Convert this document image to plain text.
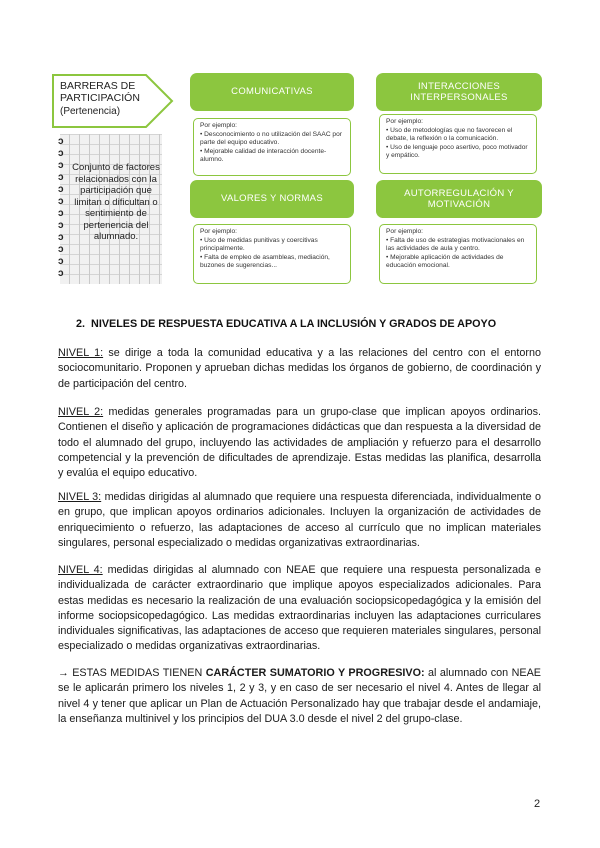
BARRERAS DE PARTICIPACIÓN
(Pertenencia)
ɔ
ɔ
ɔ
ɔ
ɔ
ɔ
ɔ
ɔ
ɔ
ɔ
ɔ
ɔ
Conjunto de factores relacionados con la participación que limitan o dificultan o sentimiento de pertenencia del alumnado.
COMUNICATIVAS
Por ejemplo:
• Desconocimiento o no utilización del SAAC por parte del equipo educativo.
• Mejorable calidad de interacción docente-alumno.
INTERACCIONES INTERPERSONALES
Por ejemplo:
• Uso de metodologías que no favorecen el debate, la reflexión o la comunicación.
• Uso de lenguaje poco asertivo, poco motivador y empático.
VALORES Y NORMAS
Por ejemplo:
• Uso de medidas punitivas y coercitivas principalmente.
• Falta de empleo de asambleas, mediación, buzones de sugerencias...
AUTORREGULACIÓN Y MOTIVACIÓN
Por ejemplo:
• Falta de uso de estrategias motivacionales en las actividades de aula y centro.
• Mejorable aplicación de actividades de educación emocional.
2. NIVELES DE RESPUESTA EDUCATIVA A LA INCLUSIÓN Y GRADOS DE APOYO

NIVEL 1: se dirige a toda la comunidad educativa y a las relaciones del centro con el entorno sociocomunitario. Proponen y aprueban dichas medidas los órganos de gobierno, de coordinación y de participación del centro.

NIVEL 2: medidas generales programadas para un grupo-clase que implican apoyos ordinarios. Contienen el diseño y aplicación de programaciones didácticas que dan respuesta a la diversidad de todo el alumnado del grupo, incluyendo las actividades de ampliación y refuerzo para el desarrollo competencial y la prevención de dificultades de aprendizaje. Estas medidas las planifica, desarrolla y evalúa el equipo educativo.

NIVEL 3: medidas dirigidas al alumnado que requiere una respuesta diferenciada, individualmente o en grupo, que implican apoyos ordinarios adicionales. Incluyen la organización de actividades de enriquecimiento o refuerzo, las adaptaciones de acceso al currículo que no implican materiales singulares, personal especializado o medidas organizativas extraordinarias.

NIVEL 4: medidas dirigidas al alumnado con NEAE que requiere una respuesta personalizada e individualizada de carácter extraordinario que implique apoyos especializados adicionales. Para estas medidas es necesario la realización de una evaluación sociopsicopedagógica y la emisión del informe sociopsicopedagógico. Las medidas extraordinarias incluyen las adaptaciones curriculares individuales significativas, las adaptaciones de acceso que requieren materiales singulares, personal especializado o medidas organizativas extraordinarias.

→ ESTAS MEDIDAS TIENEN CARÁCTER SUMATORIO Y PROGRESIVO: al alumnado con NEAE se le aplicarán primero los niveles 1, 2 y 3, y en caso de ser necesario el nivel 4. Antes de llegar al nivel 4 y tener que aplicar un Plan de Actuación Personalizado hay que trabajar desde el andamiaje, la enseñanza multinivel y los principios del DUA 3.0 desde el nivel 2 del grupo-clase.

2
